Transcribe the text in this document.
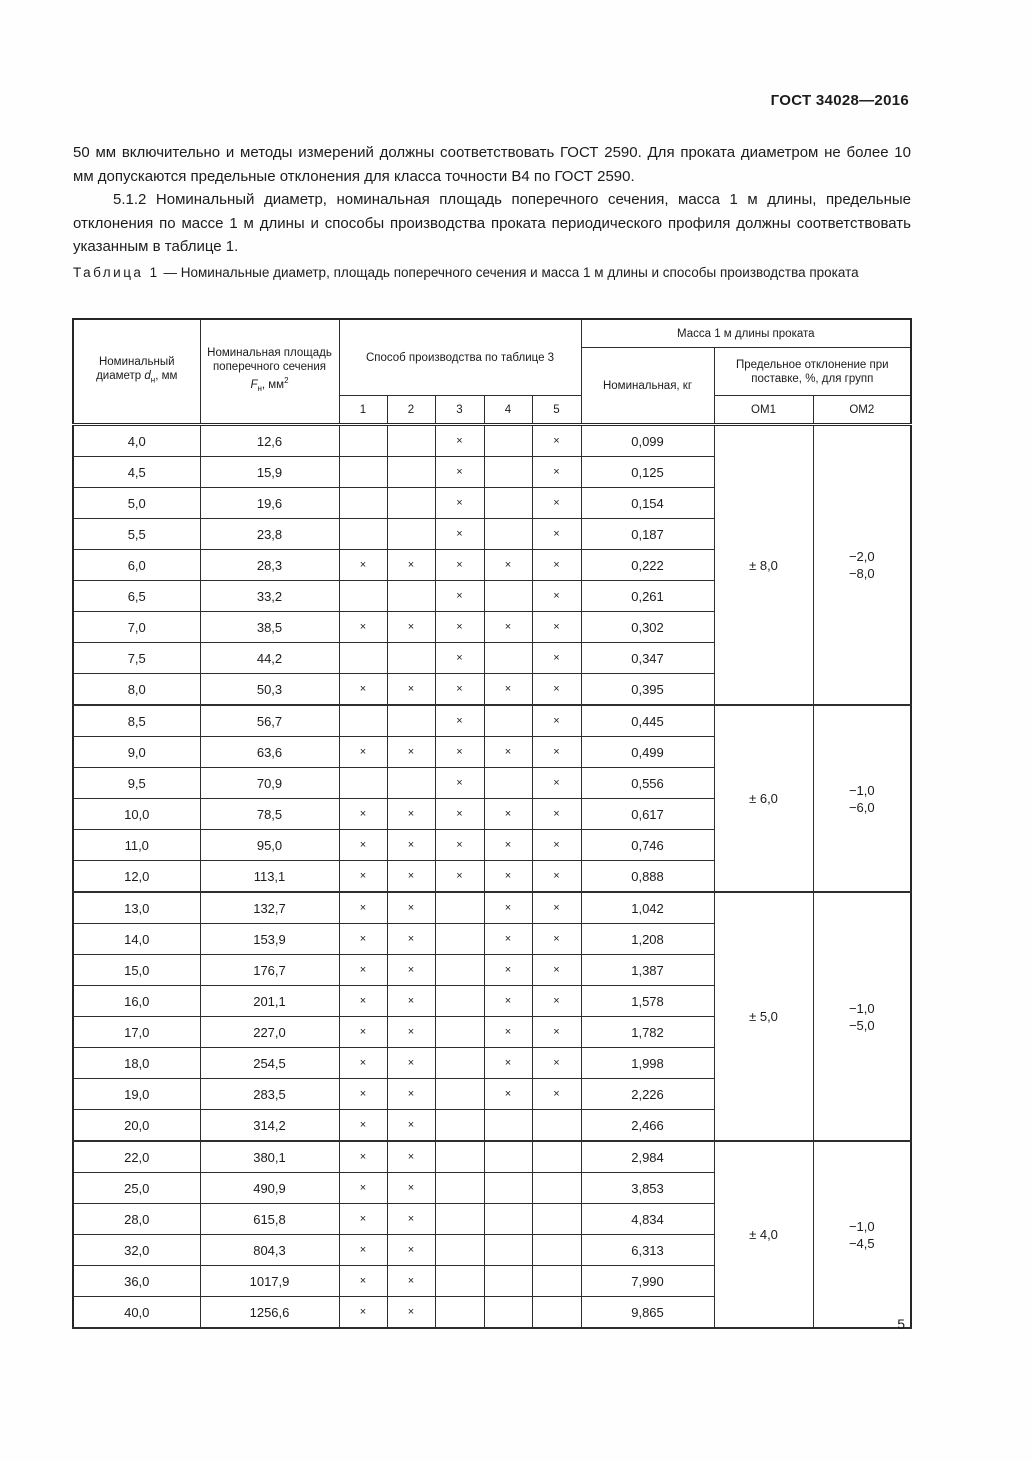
ГОСТ 34028—2016

50 мм включительно и методы измерений должны соответствовать ГОСТ 2590. Для проката диаметром не более 10 мм допускаются предельные отклонения для класса точности В4 по ГОСТ 2590.

5.1.2 Номинальный диаметр, номинальная площадь поперечного сечения, масса 1 м длины, предельные отклонения по массе 1 м длины и способы производства проката периодического профиля должны соответствовать указанным в таблице 1.

Таблица 1 — Номинальные диаметр, площадь поперечного сечения и масса 1 м длины и способы производства проката
Номинальный диаметр $d_н$, мм	Номинальная площадь поперечного сечения $F_н$, $мм^2$	Способ производства по таблице 3					Масса 1 м длины проката		
							Номинальная, кг	Предельное отклонение при поставке, %, для групп	
		1	2	3	4	5		ОМ1	ОМ2
4,0	12,6			×		×	0,099	± 8,0	−2,0
−8,0

4,5	15,9			×		×	0,125		
5,0	19,6			×		×	0,154		
5,5	23,8			×		×	0,187		
6,0	28,3	×	×	×	×	×	0,222		
6,5	33,2			×		×	0,261		
7,0	38,5	×	×	×	×	×	0,302		
7,5	44,2			×		×	0,347		
8,0	50,3	×	×	×	×	×	0,395		
8,5	56,7			×		×	0,445	± 6,0	−1,0
−6,0

9,0	63,6	×	×	×	×	×	0,499		
9,5	70,9			×		×	0,556		
10,0	78,5	×	×	×	×	×	0,617		
11,0	95,0	×	×	×	×	×	0,746		
12,0	113,1	×	×	×	×	×	0,888		
13,0	132,7	×	×		×	×	1,042	± 5,0	−1,0
−5,0

14,0	153,9	×	×		×	×	1,208		
15,0	176,7	×	×		×	×	1,387		
16,0	201,1	×	×		×	×	1,578		
17,0	227,0	×	×		×	×	1,782		
18,0	254,5	×	×		×	×	1,998		
19,0	283,5	×	×		×	×	2,226		
20,0	314,2	×	×				2,466		
22,0	380,1	×	×				2,984	± 4,0	−1,0
−4,5

25,0	490,9	×	×				3,853		
28,0	615,8	×	×				4,834		
32,0	804,3	×	×				6,313		
36,0	1017,9	×	×				7,990		
40,0	1256,6	×	×				9,865		
5
